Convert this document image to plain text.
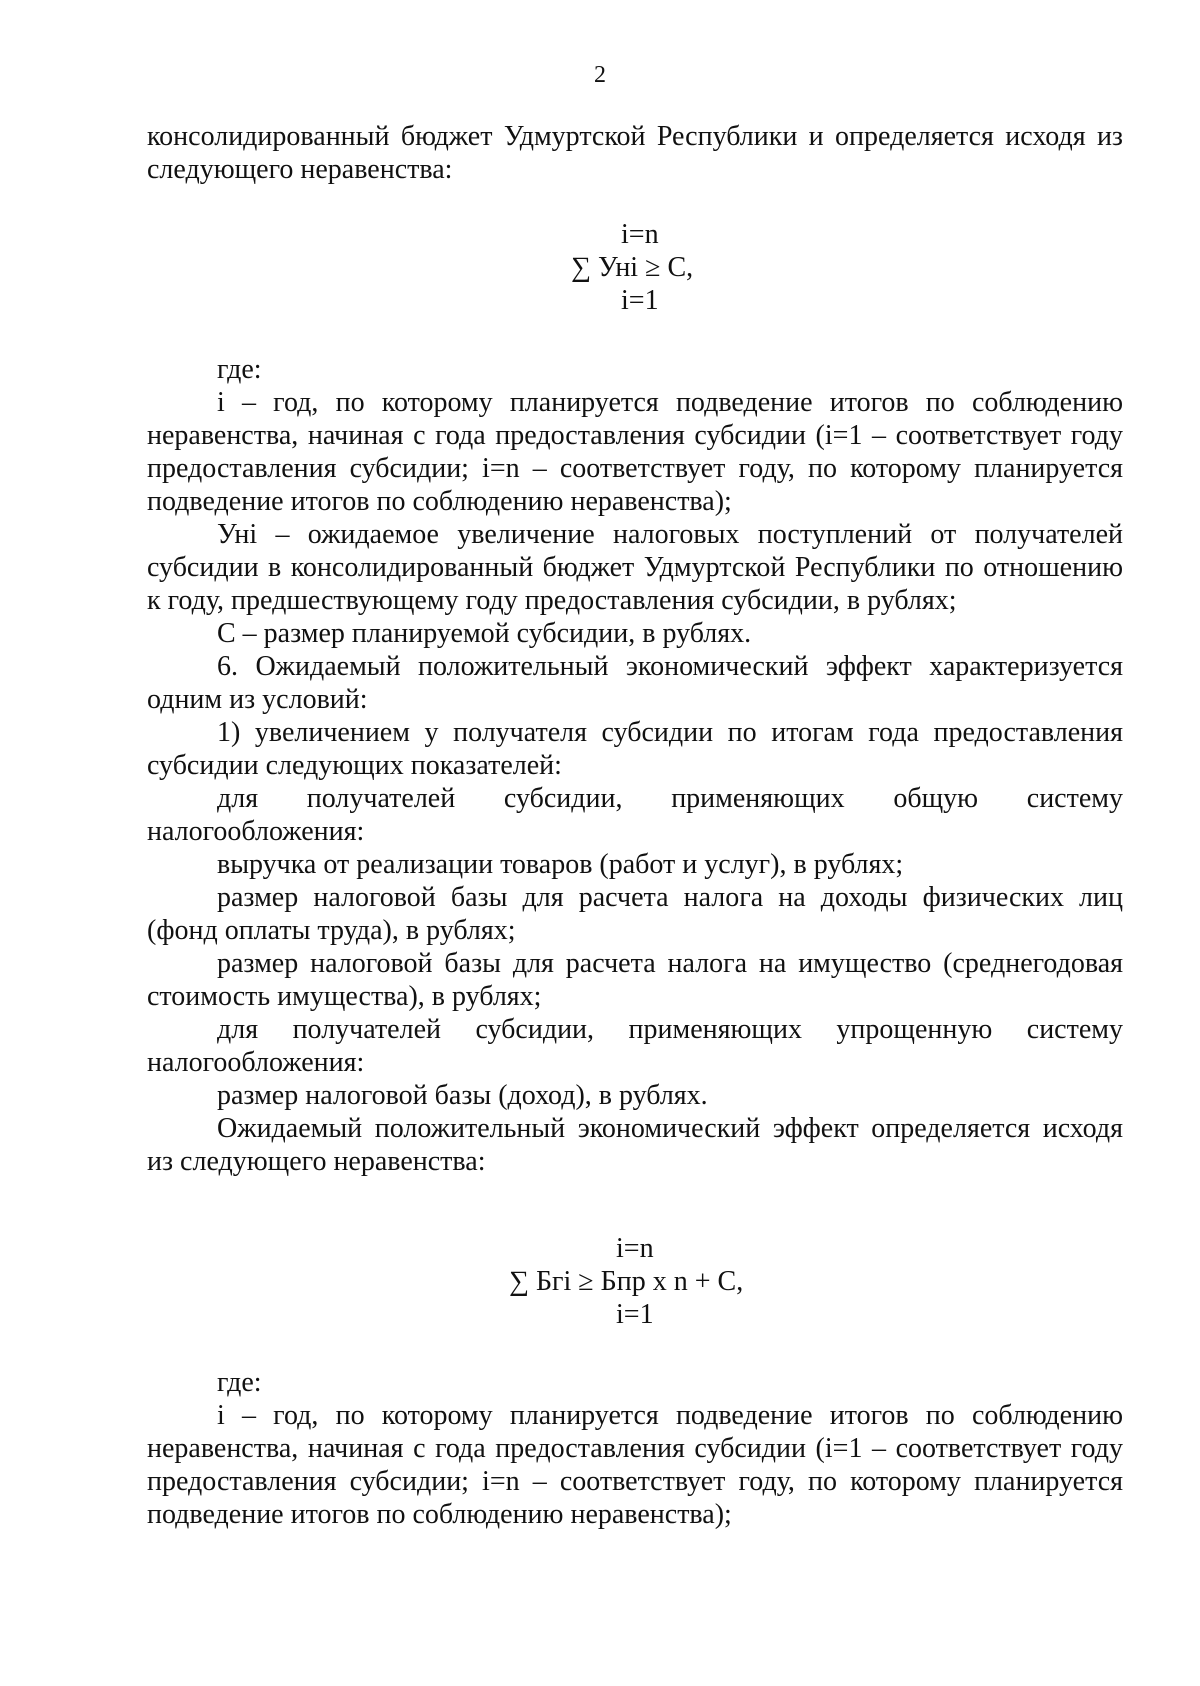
2

консолидированный бюджет Удмуртской Республики и определяется исходя из следующего неравенства:

i=n
∑ Уні ≥ С,
i=1

где:

i – год, по которому планируется подведение итогов по соблюдению неравенства, начиная с года предоставления субсидии (i=1 – соответствует году предоставления субсидии; i=n – соответствует году, по которому планируется подведение итогов по соблюдению неравенства);

Уні – ожидаемое увеличение налоговых поступлений от получателей субсидии в консолидированный бюджет Удмуртской Республики по отношению к году, предшествующему году предоставления субсидии, в рублях;

С – размер планируемой субсидии, в рублях.

6. Ожидаемый положительный экономический эффект характеризуется одним из условий:

1) увеличением у получателя субсидии по итогам года предоставления субсидии следующих показателей:

для получателей субсидии, применяющих общую систему налогообложения:

выручка от реализации товаров (работ и услуг), в рублях;

размер налоговой базы для расчета налога на доходы физических лиц (фонд оплаты труда), в рублях;

размер налоговой базы для расчета налога на имущество (среднегодовая стоимость имущества), в рублях;

для получателей субсидии, применяющих упрощенную систему налогообложения:

размер налоговой базы (доход), в рублях.

Ожидаемый положительный экономический эффект определяется исходя из следующего неравенства:

i=n
∑ Бгі ≥ Бпр х n + С,
i=1

где:

i – год, по которому планируется подведение итогов по соблюдению неравенства, начиная с года предоставления субсидии (i=1 – соответствует году предоставления субсидии; i=n – соответствует году, по которому планируется подведение итогов по соблюдению неравенства);
